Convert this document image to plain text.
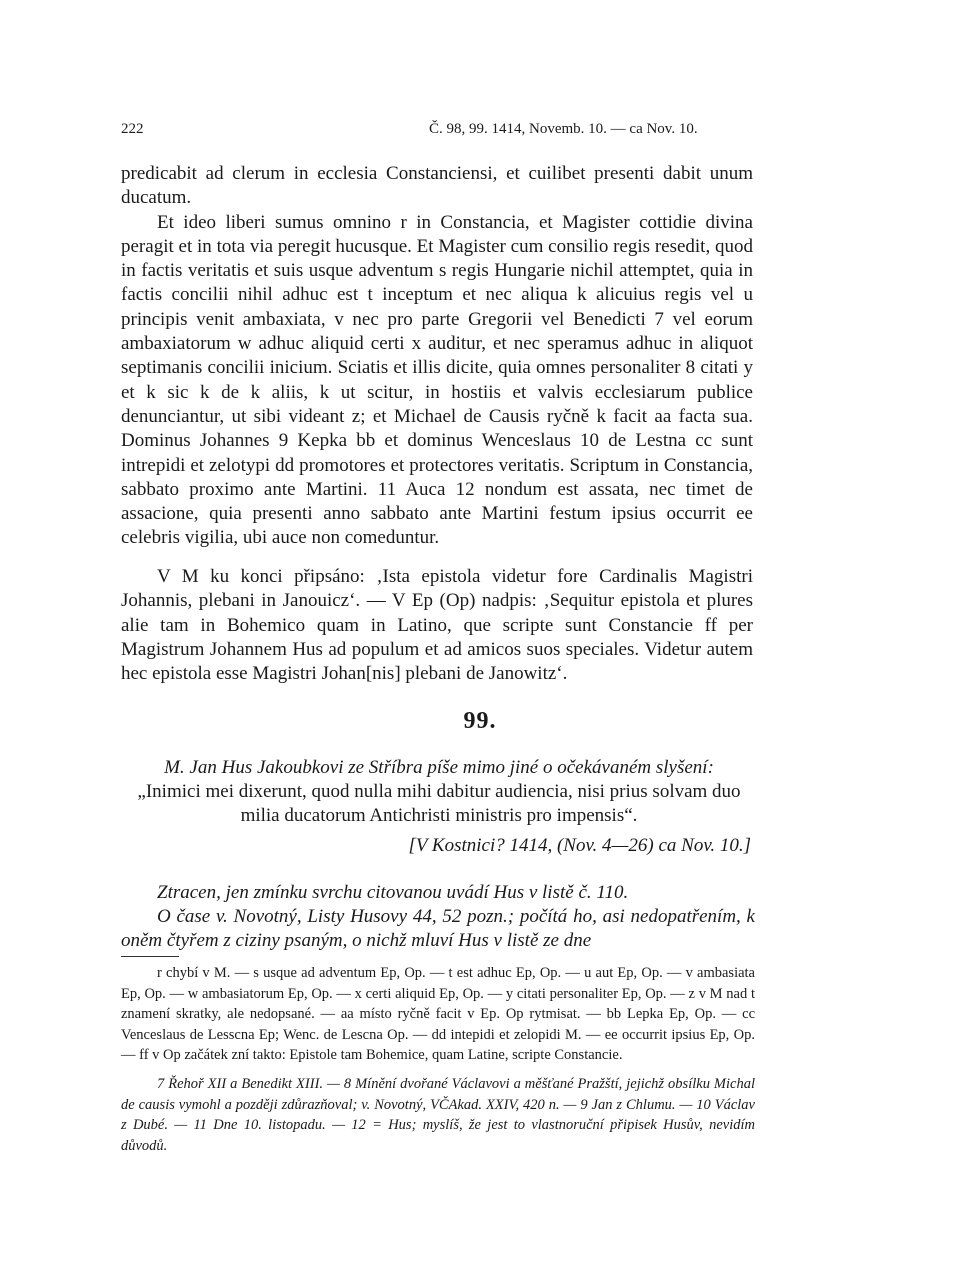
222	Č. 98, 99. 1414, Novemb. 10. — ca Nov. 10.

predicabit ad clerum in ecclesia Constanciensi, et cuilibet presenti dabit unum ducatum.

Et ideo liberi sumus omnino r in Constancia, et Magister cottidie divina peragit et in tota via peregit hucusque. Et Magister cum consilio regis resedit, quod in factis veritatis et suis usque adventum s regis Hungarie nichil attemptet, quia in factis concilii nihil adhuc est t inceptum et nec aliqua k alicuius regis vel u principis venit ambaxiata, v nec pro parte Gregorii vel Benedicti 7 vel eorum ambaxiatorum w adhuc aliquid certi x auditur, et nec speramus adhuc in aliquot septimanis concilii inicium. Sciatis et illis dicite, quia omnes personaliter 8 citati y et k sic k de k aliis, k ut scitur, in hostiis et valvis ecclesiarum publice denunciantur, ut sibi videant z; et Michael de Causis ryčně k facit aa facta sua. Dominus Johannes 9 Kepka bb et dominus Wenceslaus 10 de Lestna cc sunt intrepidi et zelotypi dd promotores et protectores veritatis. Scriptum in Constancia, sabbato proximo ante Martini. 11 Auca 12 nondum est assata, nec timet de assacione, quia presenti anno sabbato ante Martini festum ipsius occurrit ee celebris vigilia, ubi auce non comeduntur.

V M ku konci připsáno: ‚Ista epistola videtur fore Cardinalis Magistri Johannis, plebani in Janouicz‘. — V Ep (Op) nadpis: ‚Sequitur epistola et plures alie tam in Bohemico quam in Latino, que scripte sunt Constancie ff per Magistrum Johannem Hus ad populum et ad amicos suos speciales. Videtur autem hec epistola esse Magistri Johan[nis] plebani de Janowitz‘.

99.
M. Jan Hus Jakoubkovi ze Stříbra píše mimo jiné o očekávaném slyšení:
„Inimici mei dixerunt, quod nulla mihi dabitur audiencia, nisi prius solvam duo milia ducatorum Antichristi ministris pro impensis“.
[V Kostnici? 1414, (Nov. 4—26) ca Nov. 10.]

Ztracen, jen zmínku svrchu citovanou uvádí Hus v listě č. 110.

O čase v. Novotný, Listy Husovy 44, 52 pozn.; počítá ho, asi nedopatřením, k oněm čtyřem z ciziny psaným, o nichž mluví Hus v listě ze dne

r chybí v M. — s usque ad adventum Ep, Op. — t est adhuc Ep, Op. — u aut Ep, Op. — v ambasiata Ep, Op. — w ambasiatorum Ep, Op. — x certi aliquid Ep, Op. — y citati personaliter Ep, Op. — z v M nad t znamení skratky, ale nedopsané. — aa místo ryčně facit v Ep. Op rytmisat. — bb Lepka Ep, Op. — cc Venceslaus de Lesscna Ep; Wenc. de Lescna Op. — dd intepidi et zelopidi M. — ee occurrit ipsius Ep, Op. — ff v Op začátek zní takto: Epistole tam Bohemice, quam Latine, scripte Constancie.

7 Řehoř XII a Benedikt XIII. — 8 Mínění dvořané Václavovi a měšťané Pražští, jejichž obsílku Michal de causis vymohl a později zdůrazňoval; v. Novotný, VČAkad. XXIV, 420 n. — 9 Jan z Chlumu. — 10 Václav z Dubé. — 11 Dne 10. listopadu. — 12 = Hus; myslíš, že jest to vlastnoruční připisek Husův, nevidím důvodů.
